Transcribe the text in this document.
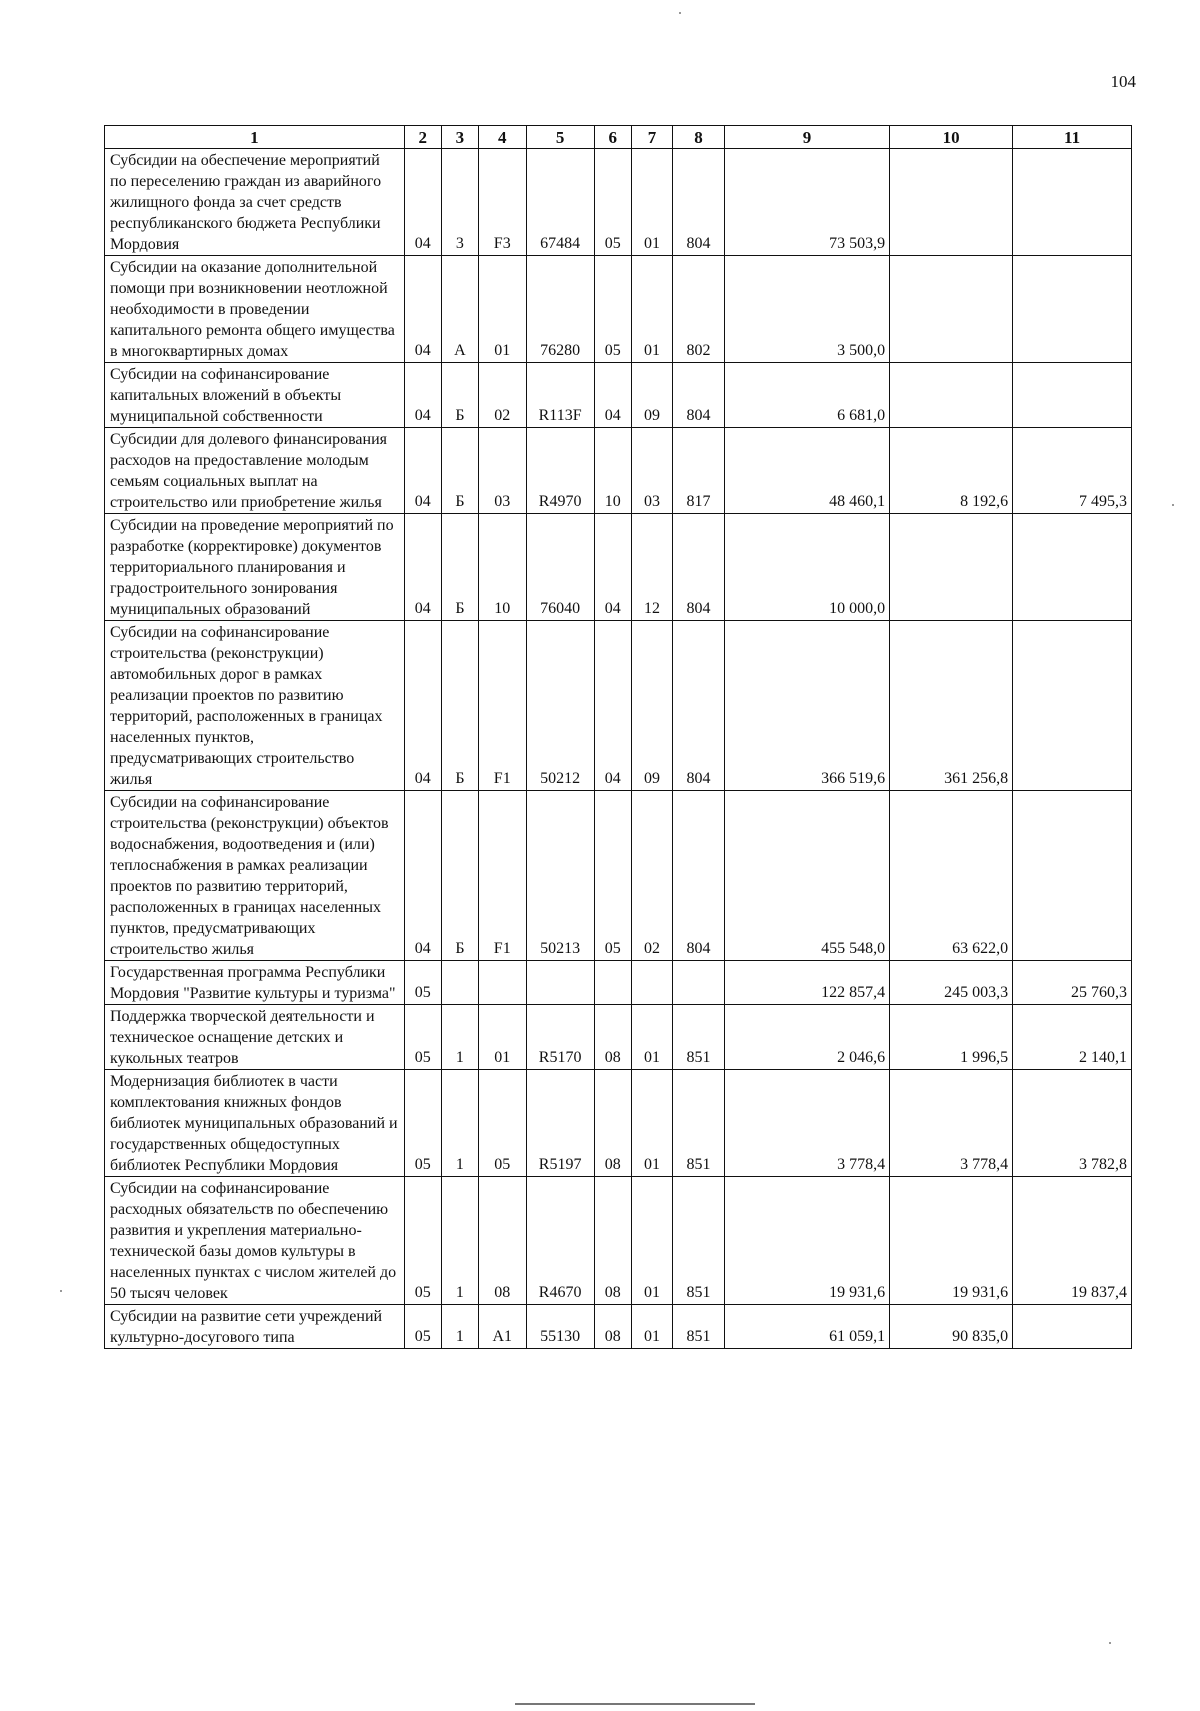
104
1	2	3	4	5	6	7	8	9	10	11
Субсидии на обеспечение мероприятий по переселению граждан из аварийного жилищного фонда за счет средств республиканского бюджета Республики Мордовия	04	3	F3	67484	05	01	804	73 503,9		
Субсидии на оказание дополнительной помощи при возникновении неотложной необходимости в проведении капитального ремонта общего имущества в многоквартирных домах	04	А	01	76280	05	01	802	3 500,0		
Субсидии на софинансирование капитальных вложений в объекты муниципальной собственности	04	Б	02	R113F	04	09	804	6 681,0		
Субсидии для долевого финансирования расходов на предоставление молодым семьям социальных выплат на строительство или приобретение жилья	04	Б	03	R4970	10	03	817	48 460,1	8 192,6	7 495,3
Субсидии на проведение мероприятий по разработке (корректировке) документов территориального планирования и градостроительного зонирования муниципальных образований	04	Б	10	76040	04	12	804	10 000,0		
Субсидии на софинансирование строительства (реконструкции) автомобильных дорог в рамках реализации проектов по развитию территорий, расположенных в границах населенных пунктов, предусматривающих строительство жилья	04	Б	F1	50212	04	09	804	366 519,6	361 256,8	
Субсидии на софинансирование строительства (реконструкции) объектов водоснабжения, водоотведения и (или) теплоснабжения в рамках реализации проектов по развитию территорий, расположенных в границах населенных пунктов, предусматривающих строительство жилья	04	Б	F1	50213	05	02	804	455 548,0	63 622,0	
Государственная программа Республики Мордовия "Развитие культуры и туризма"	05							122 857,4	245 003,3	25 760,3
Поддержка творческой деятельности и техническое оснащение детских и кукольных театров	05	1	01	R5170	08	01	851	2 046,6	1 996,5	2 140,1
Модернизация библиотек в части комплектования книжных фондов библиотек муниципальных образований и государственных общедоступных библиотек Республики Мордовия	05	1	05	R5197	08	01	851	3 778,4	3 778,4	3 782,8
Субсидии на софинансирование расходных обязательств по обеспечению развития и укрепления материально-технической базы домов культуры в населенных пунктах с числом жителей до 50 тысяч человек	05	1	08	R4670	08	01	851	19 931,6	19 931,6	19 837,4
Субсидии на развитие сети учреждений культурно-досугового типа	05	1	A1	55130	08	01	851	61 059,1	90 835,0	
